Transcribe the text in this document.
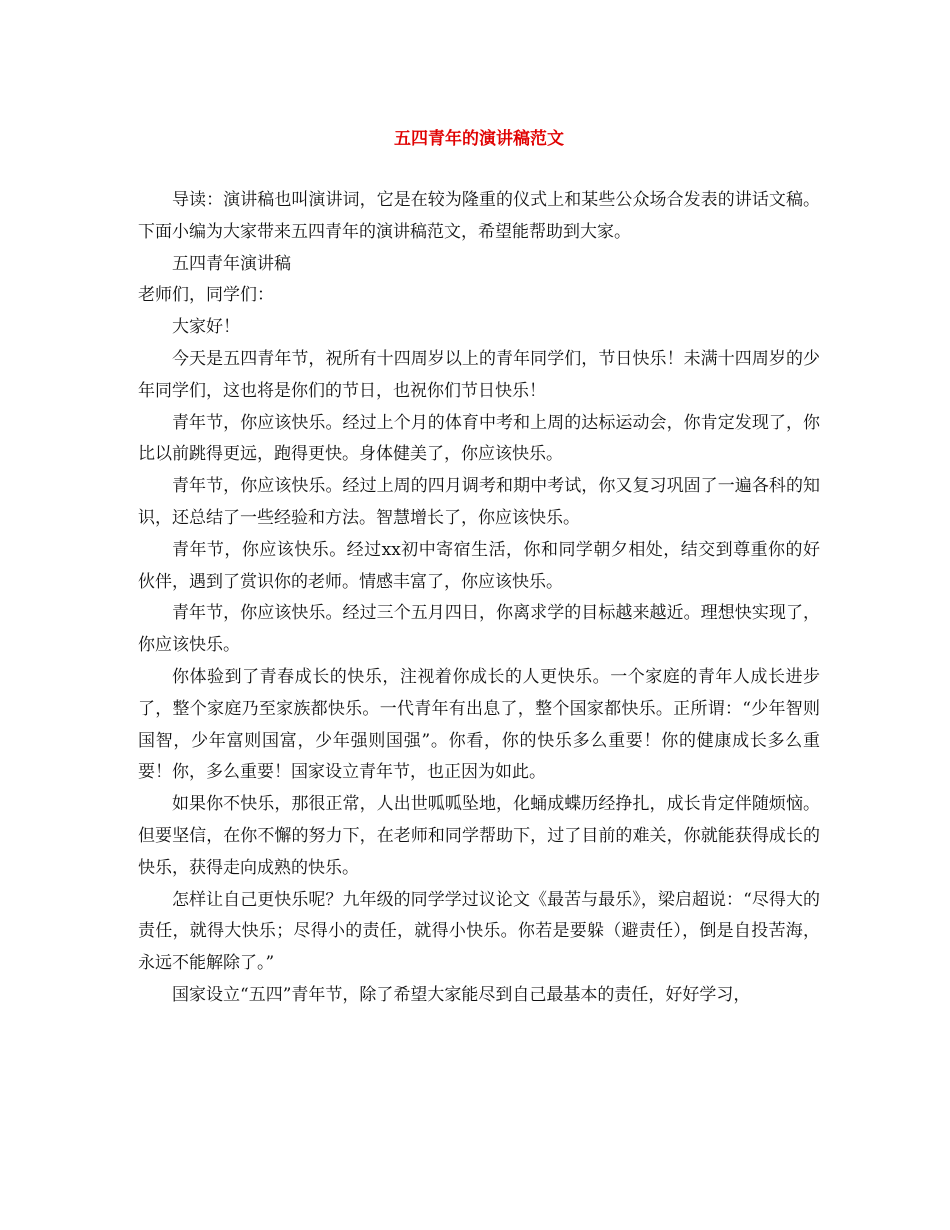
五四青年的演讲稿范文

导读：演讲稿也叫演讲词，它是在较为隆重的仪式上和某些公众场合发表的讲话文稿。下面小编为大家带来五四青年的演讲稿范文，希望能帮助到大家。

五四青年演讲稿

老师们，同学们：

大家好！

今天是五四青年节，祝所有十四周岁以上的青年同学们，节日快乐！未满十四周岁的少年同学们，这也将是你们的节日，也祝你们节日快乐！

青年节，你应该快乐。经过上个月的体育中考和上周的达标运动会，你肯定发现了，你比以前跳得更远，跑得更快。身体健美了，你应该快乐。

青年节，你应该快乐。经过上周的四月调考和期中考试，你又复习巩固了一遍各科的知识，还总结了一些经验和方法。智慧增长了，你应该快乐。

青年节，你应该快乐。经过xx初中寄宿生活，你和同学朝夕相处，结交到尊重你的好伙伴，遇到了赏识你的老师。情感丰富了，你应该快乐。

青年节，你应该快乐。经过三个五月四日，你离求学的目标越来越近。理想快实现了，你应该快乐。

你体验到了青春成长的快乐，注视着你成长的人更快乐。一个家庭的青年人成长进步了，整个家庭乃至家族都快乐。一代青年有出息了，整个国家都快乐。正所谓：“少年智则国智，少年富则国富，少年强则国强”。你看，你的快乐多么重要！你的健康成长多么重要！你，多么重要！国家设立青年节，也正因为如此。

如果你不快乐，那很正常，人出世呱呱坠地，化蛹成蝶历经挣扎，成长肯定伴随烦恼。但要坚信，在你不懈的努力下，在老师和同学帮助下，过了目前的难关，你就能获得成长的快乐，获得走向成熟的快乐。

怎样让自己更快乐呢？九年级的同学学过议论文《最苦与最乐》，梁启超说：“尽得大的责任，就得大快乐；尽得小的责任，就得小快乐。你若是要躲（避责任），倒是自投苦海，永远不能解除了。”

国家设立“五四”青年节，除了希望大家能尽到自己最基本的责任，好好学习，
